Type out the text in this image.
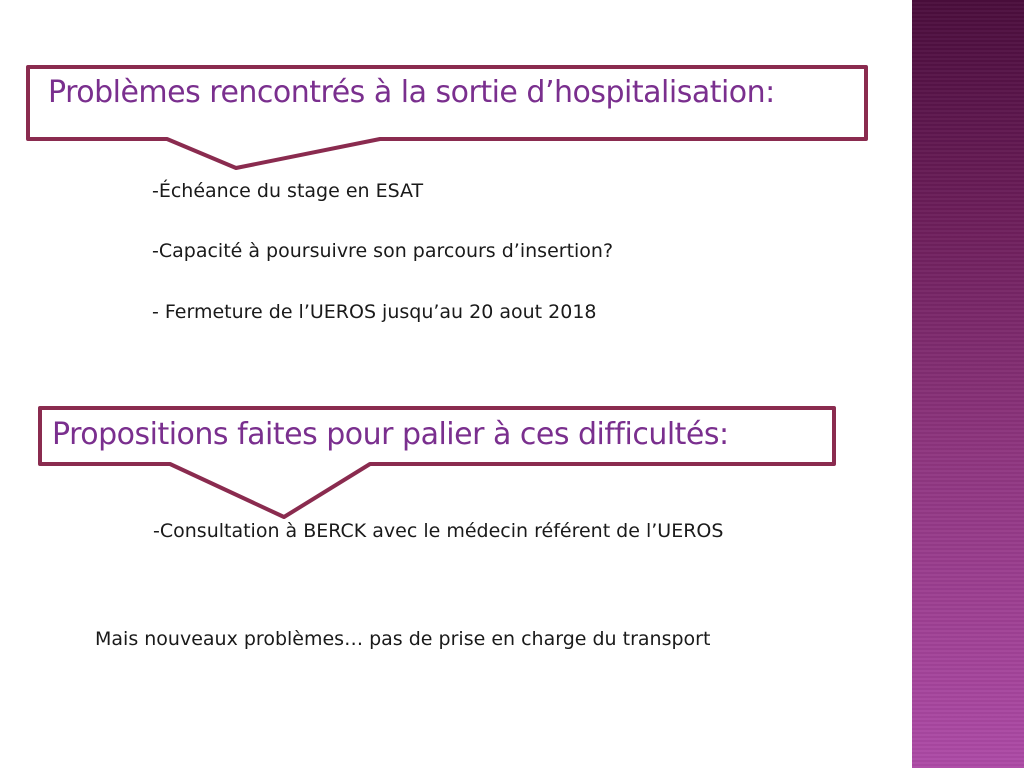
Problèmes rencontrés à la sortie d’hospitalisation:
-Échéance du stage en ESAT
-Capacité à poursuivre son parcours d’insertion?
- Fermeture de l’UEROS jusqu’au 20 aout 2018
Propositions faites pour palier à ces difficultés:
-Consultation à BERCK avec le médecin référent de l’UEROS
Mais nouveaux problèmes… pas de prise en charge du transport
